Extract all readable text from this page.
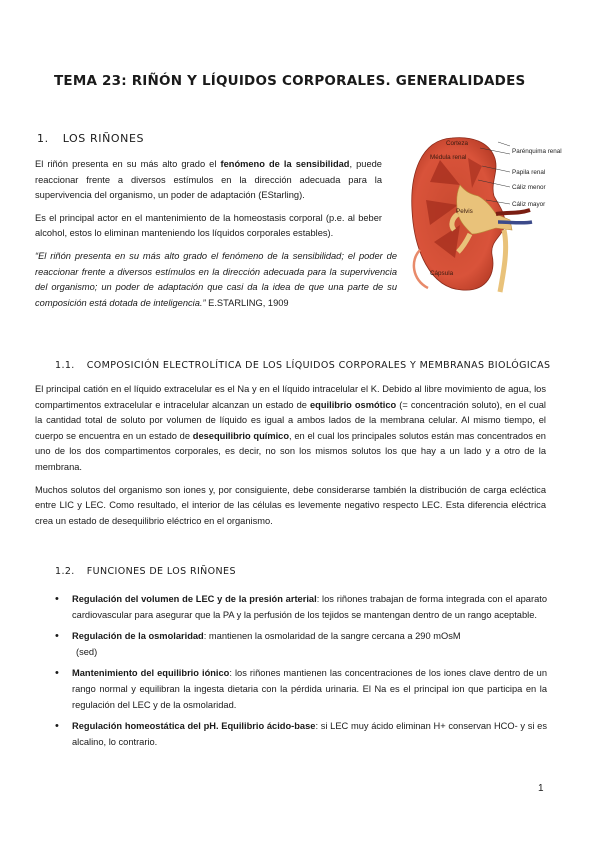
TEMA 23: RIÑÓN Y LÍQUIDOS CORPORALES. GENERALIDADES
1. LOS RIÑONES

El riñón presenta en su más alto grado el fenómeno de la sensibilidad, puede reaccionar frente a diversos estímulos en la dirección adecuada para la supervivencia del organismo, un poder de adaptación (EStarling).

Es el principal actor en el mantenimiento de la homeostasis corporal (p.e. al beber alcohol, estos lo eliminan manteniendo los líquidos corporales estables).

“El riñón presenta en su más alto grado el fenómeno de la sensibilidad; el poder de reaccionar frente a diversos estímulos en la dirección adecuada para la supervivencia del organismo; un poder de adaptación que casi da la idea de que una parte de su composición está dotada de inteligencia.” E.STARLING, 1909

Corteza
Médula renal
Parénquima renal
Papila renal
Cáliz menor
Cáliz mayor
Pelvis
Cápsula
1.1. COMPOSICIÓN ELECTROLÍTICA DE LOS LÍQUIDOS CORPORALES Y MEMBRANAS BIOLÓGICAS

El principal catión en el líquido extracelular es el Na y en el líquido intracelular el K. Debido al libre movimiento de agua, los compartimentos extracelular e intracelular alcanzan un estado de equilibrio osmótico (= concentración soluto), en el cual la cantidad total de soluto por volumen de líquido es igual a ambos lados de la membrana celular. Al mismo tiempo, el cuerpo se encuentra en un estado de desequilibrio químico, en el cual los principales solutos están mas concentrados en uno de los dos compartimentos corporales, es decir, no son los mismos solutos los que hay a un lado y a otro de la membrana.

Muchos solutos del organismo son iones y, por consiguiente, debe considerarse también la distribución de carga ecléctica entre LIC y LEC. Como resultado, el interior de las células es levemente negativo respecto LEC. Esta diferencia eléctrica crea un estado de desequilibrio eléctrico en el organismo.

1.2. FUNCIONES DE LOS RIÑONES
• Regulación del volumen de LEC y de la presión arterial: los riñones trabajan de forma integrada con el aparato cardiovascular para asegurar que la PA y la perfusión de los tejidos se mantengan dentro de un rango aceptable.
• Regulación de la osmolaridad: mantienen la osmolaridad de la sangre cercana a 290 mOsM
(sed)
• Mantenimiento del equilibrio iónico: los riñones mantienen las concentraciones de los iones clave dentro de un rango normal y equilibran la ingesta dietaria con la pérdida urinaria. El Na es el principal ion que participa en la regulación del LEC y de la osmolaridad.
• Regulación homeostática del pH. Equilibrio ácido-base: si LEC muy ácido eliminan H+ conservan HCO- y si es alcalino, lo contrario.
1
